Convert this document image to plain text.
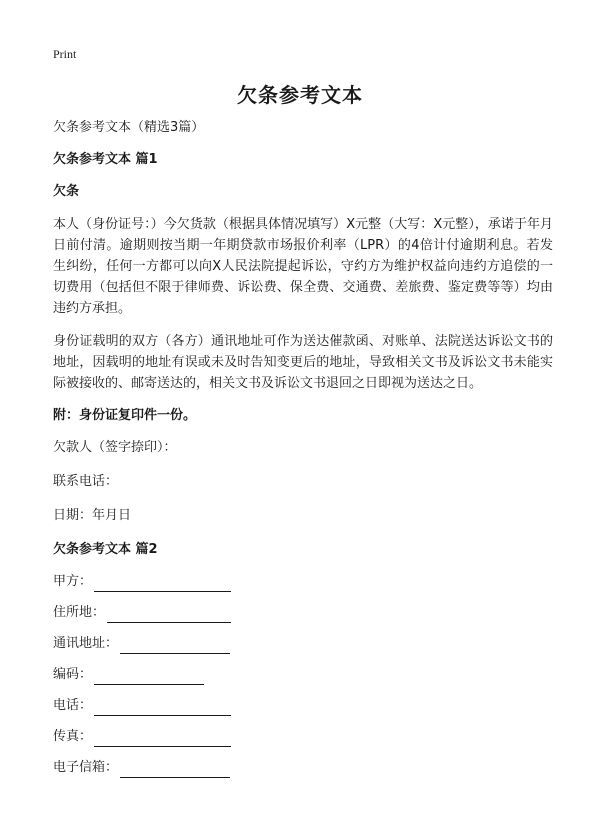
Print
欠条参考文本
欠条参考文本（精选3篇）
欠条参考文本 篇1
欠条
本人（身份证号：）今欠货款（根据具体情况填写）X元整（大写：X元整），承诺于年月日前付清。逾期则按当期一年期贷款市场报价利率（LPR）的4倍计付逾期利息。若发生纠纷，任何一方都可以向X人民法院提起诉讼，守约方为维护权益向违约方追偿的一切费用（包括但不限于律师费、诉讼费、保全费、交通费、差旅费、鉴定费等等）均由违约方承担。
身份证载明的双方（各方）通讯地址可作为送达催款函、对账单、法院送达诉讼文书的地址，因载明的地址有误或未及时告知变更后的地址，导致相关文书及诉讼文书未能实际被接收的、邮寄送达的，相关文书及诉讼文书退回之日即视为送达之日。
附：身份证复印件一份。
欠款人（签字捺印）：
联系电话：
日期：年月日
欠条参考文本 篇2
甲方：
住所地：
通讯地址：
编码：
电话：
传真：
电子信箱：
